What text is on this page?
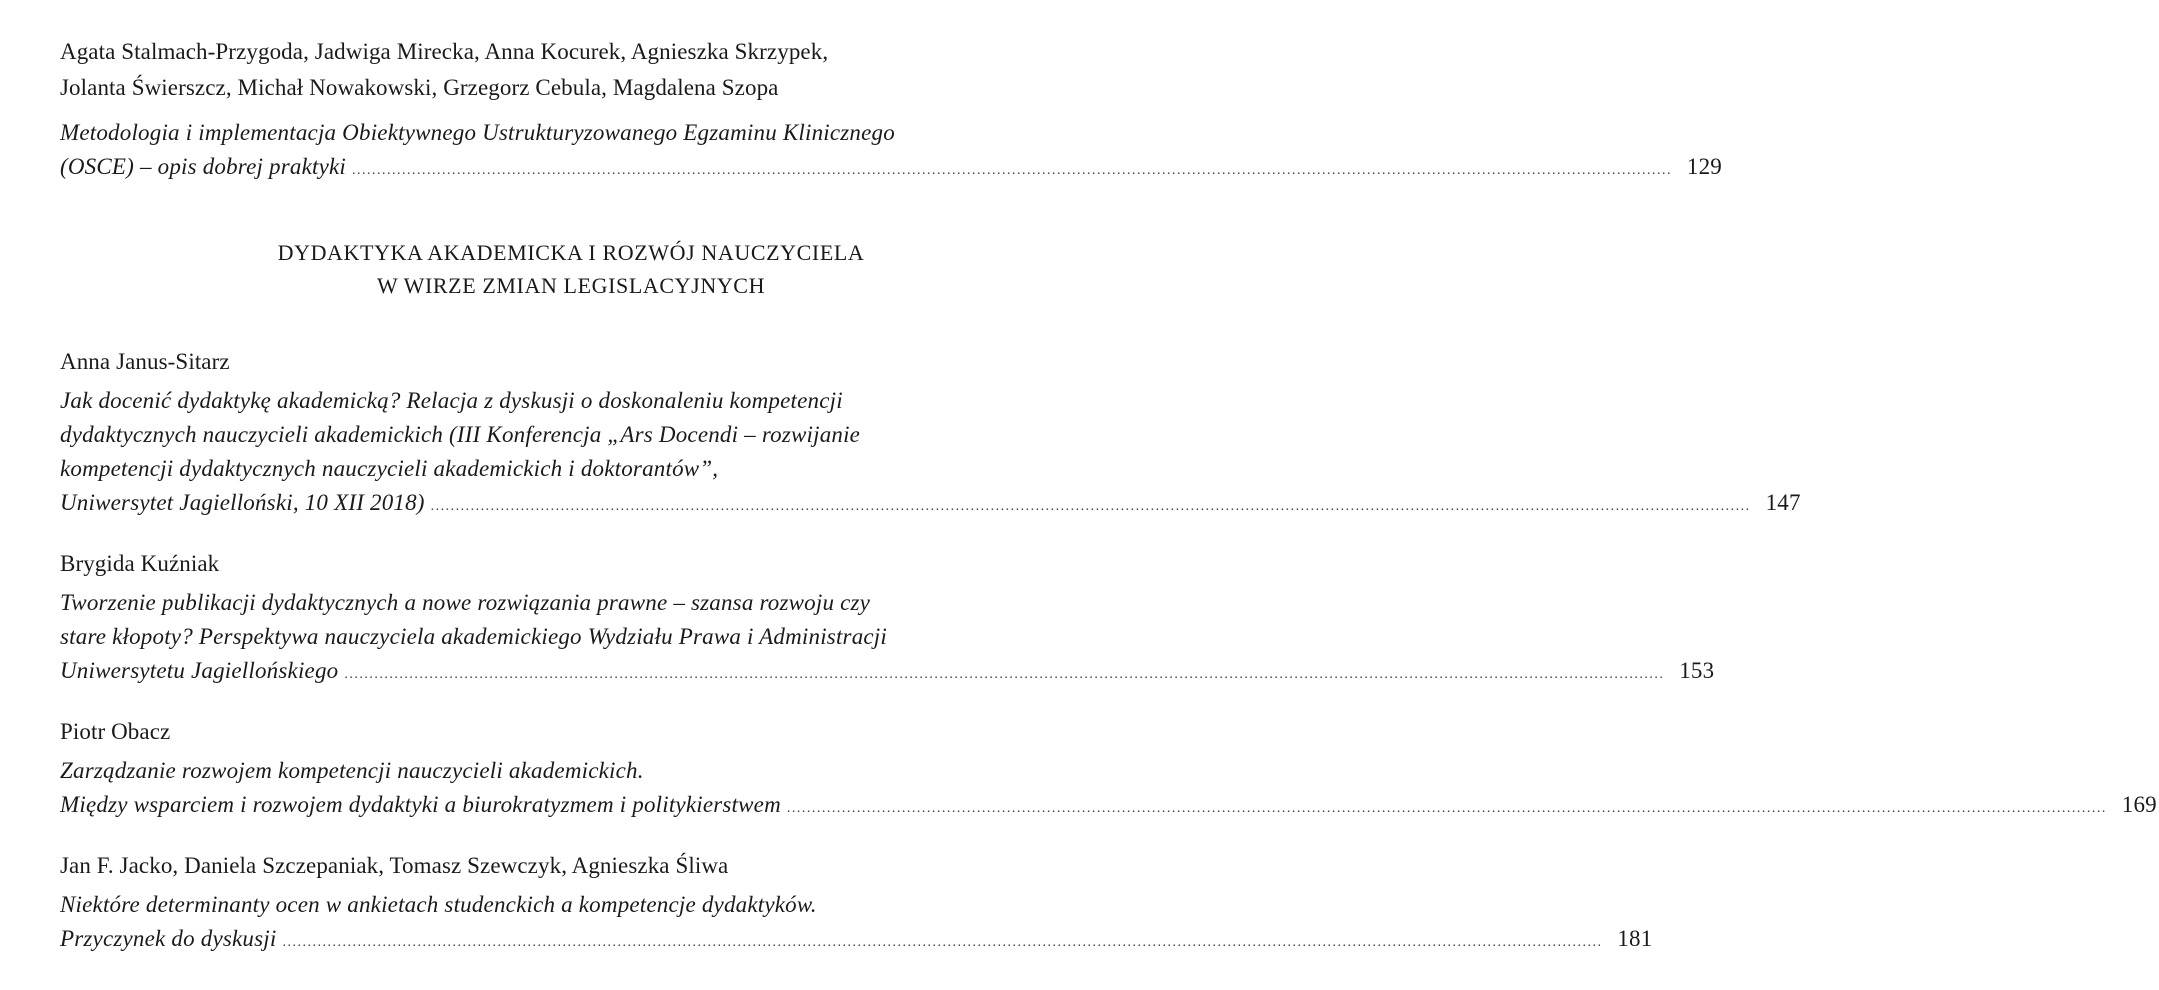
Agata Stalmach-Przygoda, Jadwiga Mirecka, Anna Kocurek, Agnieszka Skrzypek,
Jolanta Świerszcz, Michał Nowakowski, Grzegorz Cebula, Magdalena Szopa
Metodologia i implementacja Obiektywnego Ustrukturyzowanego Egzaminu Klinicznego
(OSCE) – opis dobrej praktyki ........................................................................................................................................................................................................................................................................ 129
DYDAKTYKA AKADEMICKA I ROZWÓJ NAUCZYCIELA
W WIRZE ZMIAN LEGISLACYJNYCH
Anna Janus-Sitarz
Jak docenić dydaktykę akademicką? Relacja z dyskusji o doskonaleniu kompetencji
dydaktycznych nauczycieli akademickich (III Konferencja „Ars Docendi – rozwijanie
kompetencji dydaktycznych nauczycieli akademickich i doktorantów”,
Uniwersytet Jagielloński, 10 XII 2018) ........................................................................................................................................................................................................................................................................ 147
Brygida Kuźniak
Tworzenie publikacji dydaktycznych a nowe rozwiązania prawne – szansa rozwoju czy
stare kłopoty? Perspektywa nauczyciela akademickiego Wydziału Prawa i Administracji
Uniwersytetu Jagiellońskiego ........................................................................................................................................................................................................................................................................ 153
Piotr Obacz
Zarządzanie rozwojem kompetencji nauczycieli akademickich.
Między wsparciem i rozwojem dydaktyki a biurokratyzmem i politykierstwem ........................................................................................................................................................................................................................................................................ 169
Jan F. Jacko, Daniela Szczepaniak, Tomasz Szewczyk, Agnieszka Śliwa
Niektóre determinanty ocen w ankietach studenckich a kompetencje dydaktyków.
Przyczynek do dyskusji ........................................................................................................................................................................................................................................................................ 181
